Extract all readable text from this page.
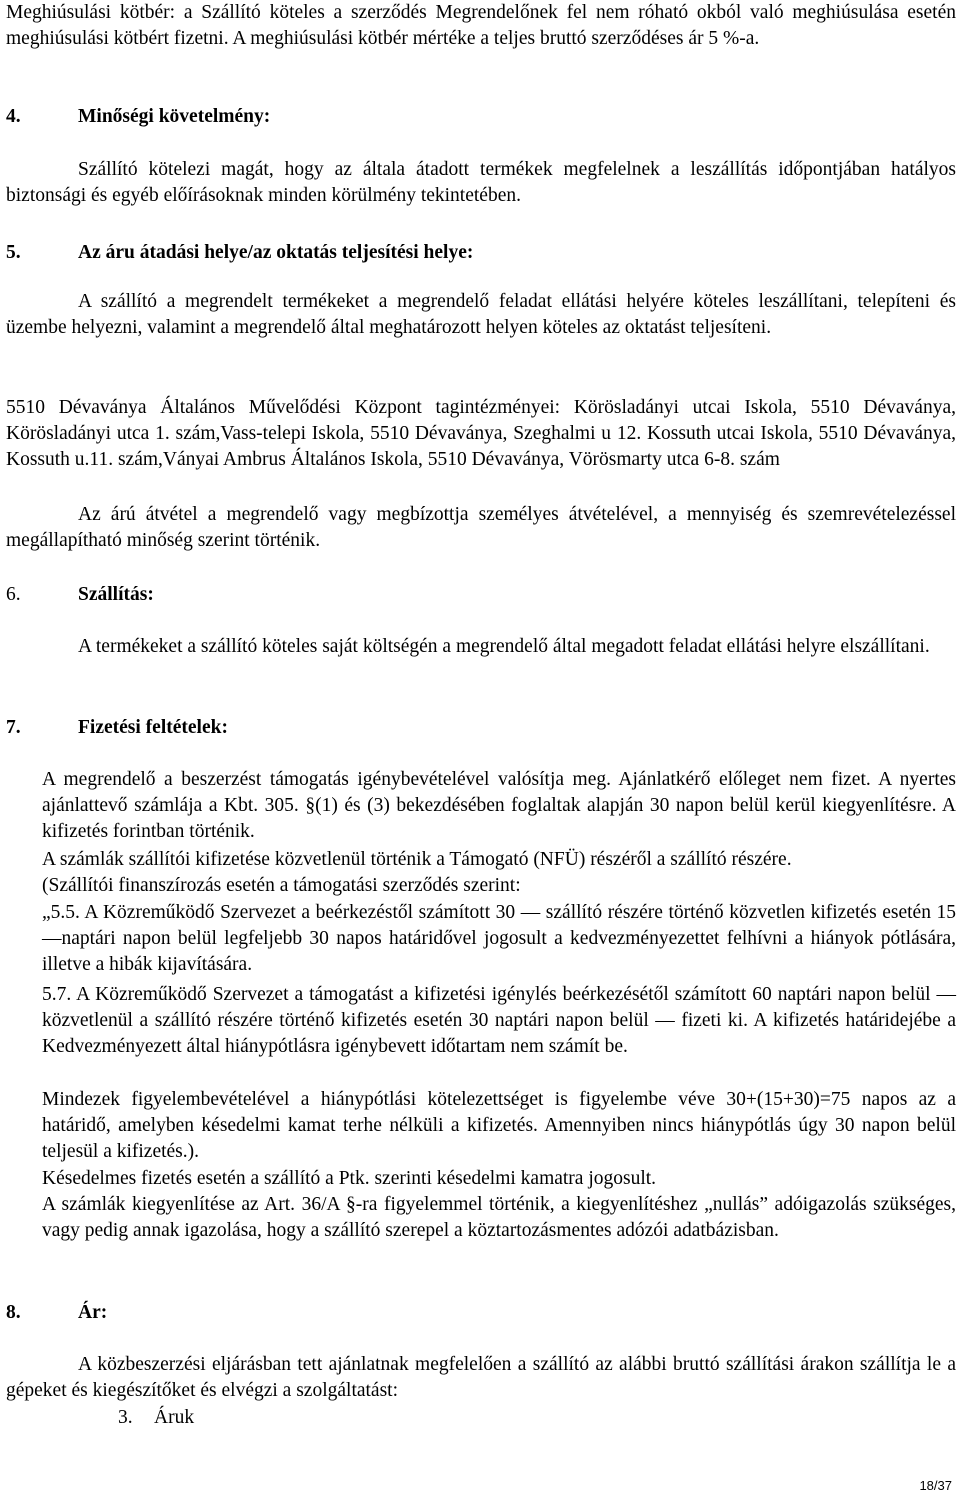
Meghiúsulási kötbér: a Szállító köteles a szerződés Megrendelőnek fel nem róható okból való meghiúsulása esetén meghiúsulási kötbért fizetni. A meghiúsulási kötbér mértéke a teljes bruttó szerződéses ár 5 %-a.

4.	Minőségi követelmény:

Szállító kötelezi magát, hogy az általa átadott termékek megfelelnek a leszállítás időpontjában hatályos biztonsági és egyéb előírásoknak minden körülmény tekintetében.

5.	Az áru átadási helye/az oktatás teljesítési helye:

A szállító a megrendelt termékeket a megrendelő feladat ellátási helyére köteles leszállítani, telepíteni és üzembe helyezni, valamint a megrendelő által meghatározott helyen köteles az oktatást teljesíteni.

5510 Dévaványa Általános Művelődési Központ tagintézményei: Körösladányi utcai Iskola, 5510 Dévaványa, Körösladányi utca 1. szám,Vass-telepi Iskola, 5510 Dévaványa, Szeghalmi u 12. Kossuth utcai Iskola, 5510 Dévaványa, Kossuth u.11. szám,Ványai Ambrus Általános Iskola, 5510 Dévaványa, Vörösmarty utca 6-8. szám

Az árú átvétel a megrendelő vagy megbízottja személyes átvételével, a mennyiség és szemrevételezéssel megállapítható minőség szerint történik.

6.	Szállítás:

A termékeket a szállító köteles saját költségén a megrendelő által megadott feladat ellátási helyre elszállítani.

7.	Fizetési feltételek:

A megrendelő a beszerzést támogatás igénybevételével valósítja meg. Ajánlatkérő előleget nem fizet. A nyertes ajánlattevő számlája a Kbt. 305. §(1) és (3) bekezdésében foglaltak alapján 30 napon belül kerül kiegyenlítésre. A kifizetés forintban történik.

A számlák szállítói kifizetése közvetlenül történik a Támogató (NFÜ) részéről a szállító részére.

(Szállítói finanszírozás esetén a támogatási szerződés szerint:

„5.5. A Közreműködő Szervezet a beérkezéstől számított 30 — szállító részére történő közvetlen kifizetés esetén 15 —naptári napon belül legfeljebb 30 napos határidővel jogosult a kedvezményezettet felhívni a hiányok pótlására, illetve a hibák kijavítására.

5.7. A Közreműködő Szervezet a támogatást a kifizetési igénylés beérkezésétől számított 60 naptári napon belül — közvetlenül a szállító részére történő kifizetés esetén 30 naptári napon belül — fizeti ki. A kifizetés határidejébe a Kedvezményezett által hiánypótlásra igénybevett időtartam nem számít be.

Mindezek figyelembevételével a hiánypótlási kötelezettséget is figyelembe véve 30+(15+30)=75 napos az a határidő, amelyben késedelmi kamat terhe nélküli a kifizetés. Amennyiben nincs hiánypótlás úgy 30 napon belül teljesül a kifizetés.).

Késedelmes fizetés esetén a szállító a Ptk. szerinti késedelmi kamatra jogosult.

A számlák kiegyenlítése az Art. 36/A §-ra figyelemmel történik, a kiegyenlítéshez „nullás” adóigazolás szükséges, vagy pedig annak igazolása, hogy a szállító szerepel a köztartozásmentes adózói adatbázisban.

8.	Ár:

A közbeszerzési eljárásban tett ajánlatnak megfelelően a szállító az alábbi bruttó szállítási árakon szállítja le a gépeket és kiegészítőket és elvégzi a szolgáltatást:

3. Áruk
18/37
